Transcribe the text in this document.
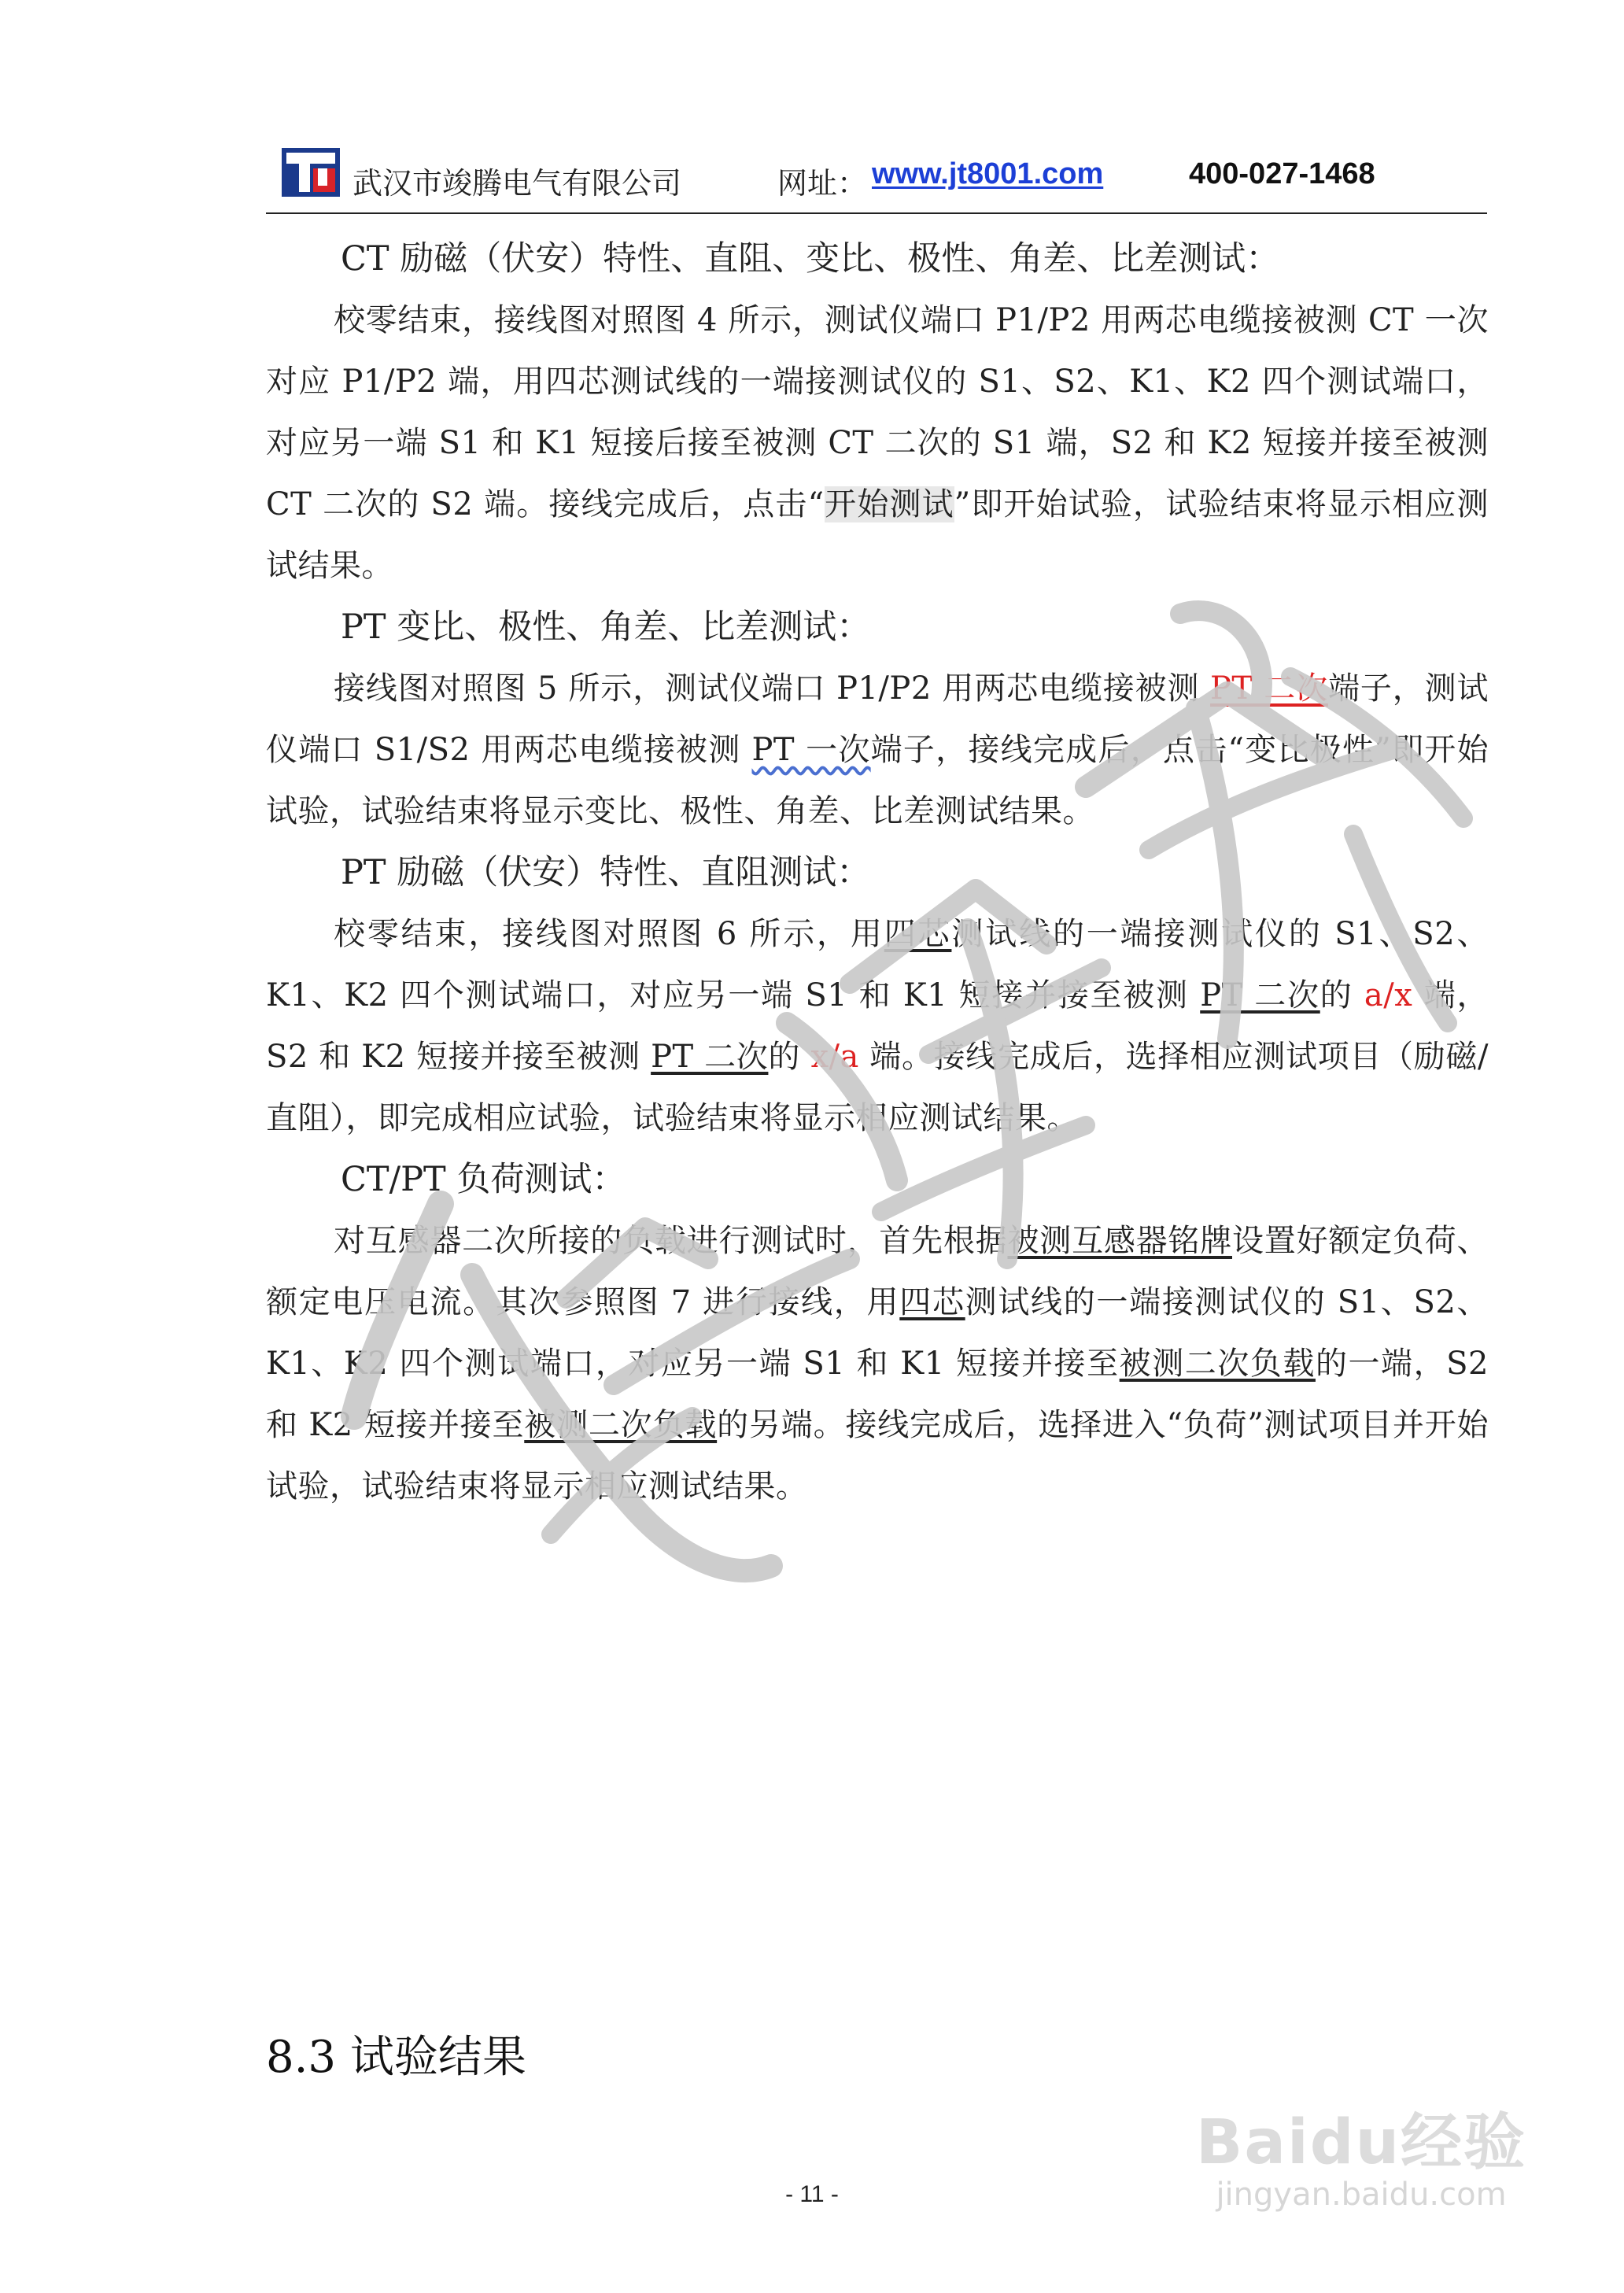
武汉市竣腾电气有限公司	网址： www.jt8001.com	400-027-1468

CT 励磁（伏安）特性、直阻、变比、极性、角差、比差测试：

校零结束，接线图对照图 4 所示，测试仪端口 P1/P2 用两芯电缆接被测 CT 一次对应 P1/P2 端，用四芯测试线的一端接测试仪的 S1、S2、K1、K2 四个测试端口，对应另一端 S1 和 K1 短接后接至被测 CT 二次的 S1 端，S2 和 K2 短接并接至被测 CT 二次的 S2 端。接线完成后，点击“开始测试”即开始试验，试验结束将显示相应测试结果。

PT 变比、极性、角差、比差测试：

接线图对照图 5 所示，测试仪端口 P1/P2 用两芯电缆接被测 PT 二次端子，测试仪端口 S1/S2 用两芯电缆接被测 PT 一次端子，接线完成后，点击“变比极性”即开始试验，试验结束将显示变比、极性、角差、比差测试结果。

PT 励磁（伏安）特性、直阻测试：

校零结束，接线图对照图 6 所示，用四芯测试线的一端接测试仪的 S1、S2、K1、K2 四个测试端口，对应另一端 S1 和 K1 短接并接至被测 PT 二次的 a/x 端，S2 和 K2 短接并接至被测 PT 二次的 x/a 端。接线完成后，选择相应测试项目（励磁/直阻），即完成相应试验，试验结束将显示相应测试结果。

CT/PT 负荷测试：

对互感器二次所接的负载进行测试时，首先根据被测互感器铭牌设置好额定负荷、额定电压电流。其次参照图 7 进行接线，用四芯测试线的一端接测试仪的 S1、S2、K1、K2 四个测试端口，对应另一端 S1 和 K1 短接并接至被测二次负载的一端，S2 和 K2 短接并接至被测二次负载的另端。接线完成后，选择进入“负荷”测试项目并开始试验，试验结束将显示相应测试结果。

8.3 试验结果
- 11 -
Baidu经验
jingyan.baidu.com
